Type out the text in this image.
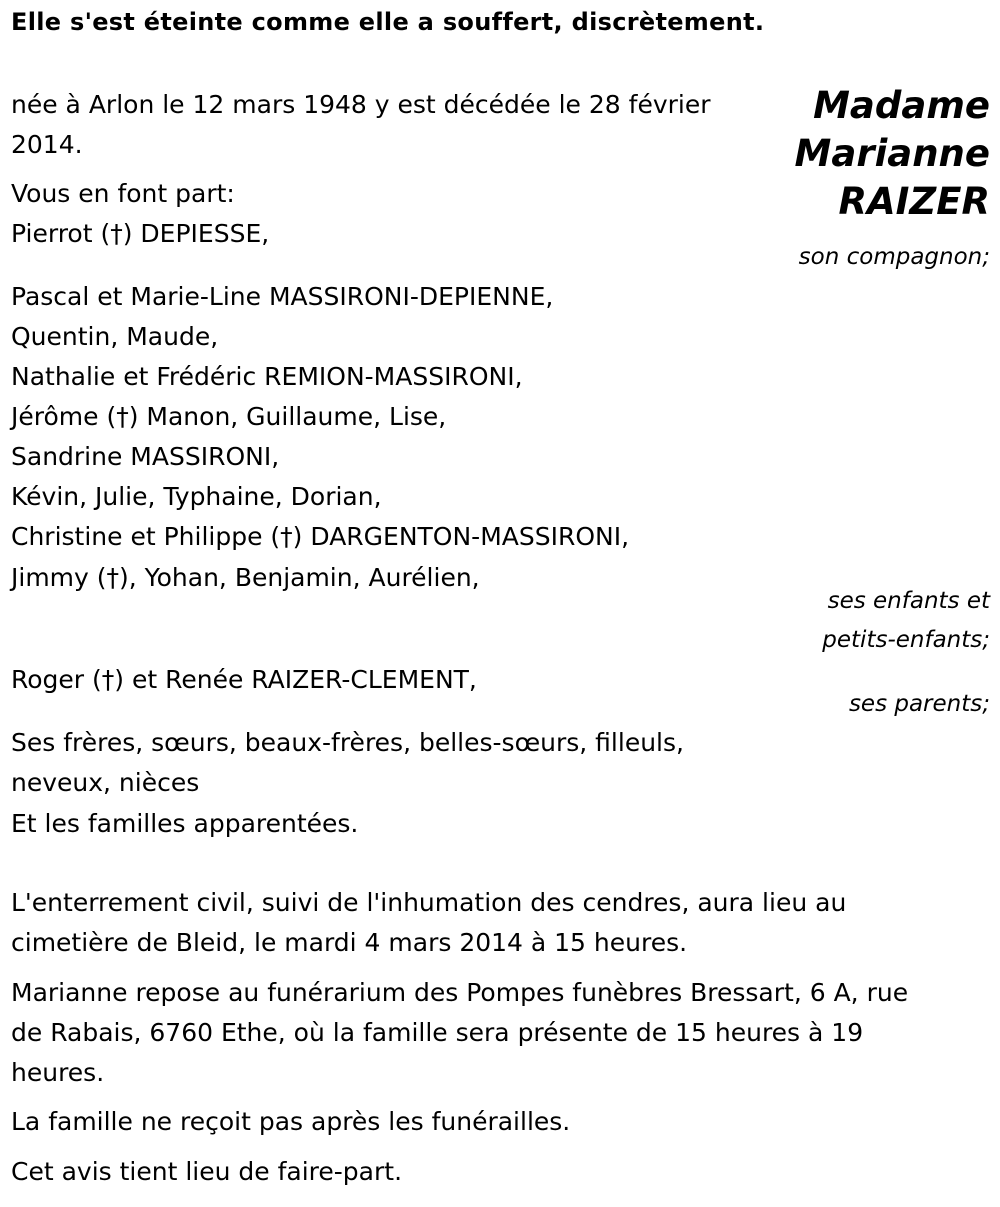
Elle s'est éteinte comme elle a souffert, discrètement.
Madame
Marianne
RAIZER
née à Arlon le 12 mars 1948 y est décédée le 28 février
2014.
Vous en font part:
Pierrot (†) DEPIESSE,
son compagnon;
Pascal et Marie-Line MASSIRONI-DEPIENNE,
Quentin, Maude,
Nathalie et Frédéric REMION-MASSIRONI,
Jérôme (†) Manon, Guillaume, Lise,
Sandrine MASSIRONI,
Kévin, Julie, Typhaine, Dorian,
Christine et Philippe (†) DARGENTON-MASSIRONI,
Jimmy (†), Yohan, Benjamin, Aurélien,
ses enfants et
petits-enfants;
Roger (†) et Renée RAIZER-CLEMENT,
ses parents;
Ses frères, sœurs, beaux-frères, belles-sœurs, filleuls,
neveux, nièces
Et les familles apparentées.
L'enterrement civil, suivi de l'inhumation des cendres, aura lieu au
cimetière de Bleid, le mardi 4 mars 2014 à 15 heures.
Marianne repose au funérarium des Pompes funèbres Bressart, 6 A, rue
de Rabais, 6760 Ethe, où la famille sera présente de 15 heures à 19
heures.
La famille ne reçoit pas après les funérailles.
Cet avis tient lieu de faire-part.
